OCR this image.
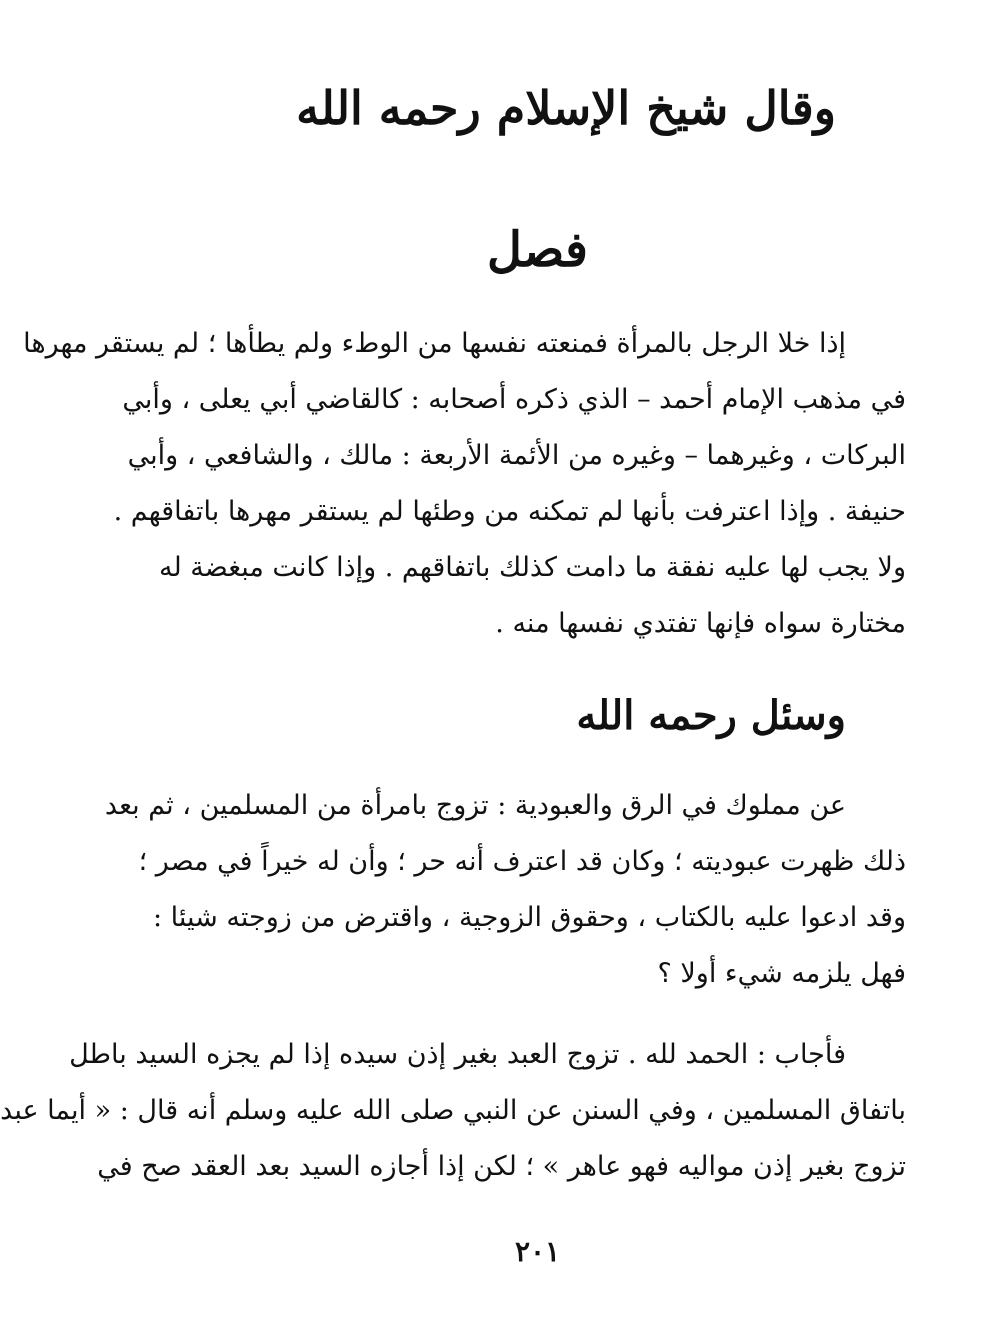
وقال شيخ الإسلام رحمه الله
فصل
إذا خلا الرجل بالمرأة فمنعته نفسها من الوطء ولم يطأها ؛ لم يستقر مهرها
في مذهب الإمام أحمد – الذي ذكره أصحابه : كالقاضي أبي يعلى ، وأبي
البركات ، وغيرهما – وغيره من الأئمة الأربعة : مالك ، والشافعي ، وأبي
حنيفة . وإذا اعترفت بأنها لم تمكنه من وطئها لم يستقر مهرها باتفاقهم .
ولا يجب لها عليه نفقة ما دامت كذلك باتفاقهم . وإذا كانت مبغضة له
مختارة سواه فإنها تفتدي نفسها منه .
وسئل رحمه الله
عن مملوك في الرق والعبودية : تزوج بامرأة من المسلمين ، ثم بعد
ذلك ظهرت عبوديته ؛ وكان قد اعترف أنه حر ؛ وأن له خيراً في مصر ؛
وقد ادعوا عليه بالكتاب ، وحقوق الزوجية ، واقترض من زوجته شيئا :
فهل يلزمه شيء أولا ؟
فأجاب : الحمد لله . تزوج العبد بغير إذن سيده إذا لم يجزه السيد باطل
باتفاق المسلمين ، وفي السنن عن النبي صلى الله عليه وسلم أنه قال : « أيما عبد
تزوج بغير إذن مواليه فهو عاهر » ؛ لكن إذا أجازه السيد بعد العقد صح في
٢٠١
